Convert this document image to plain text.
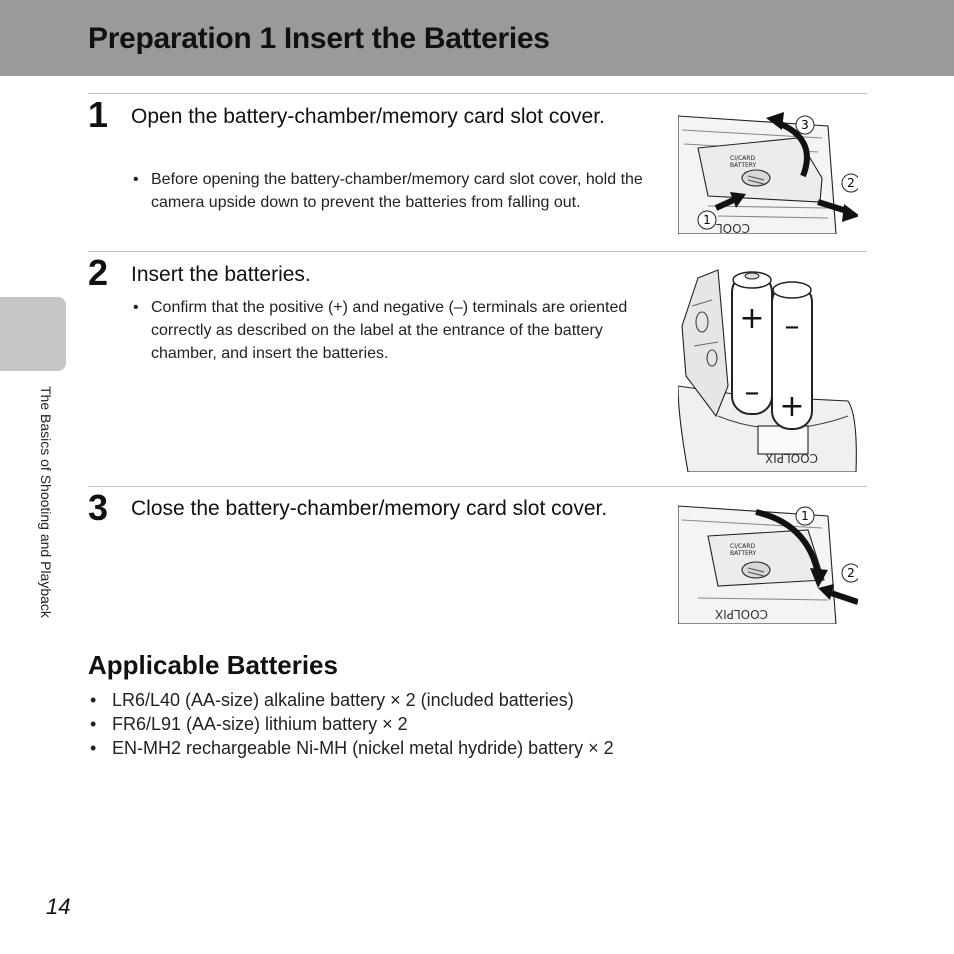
Preparation 1 Insert the Batteries
The Basics of Shooting and Playback
1 Open the battery-chamber/memory card slot cover.
• Before opening the battery-chamber/memory card slot cover, hold the camera upside down to prevent the batteries from falling out.
CI/CARD
BATTERY
COOL
3
2
1
2 Insert the batteries.
• Confirm that the positive (+) and negative (–) terminals are oriented correctly as described on the label at the entrance of the battery chamber, and insert the batteries.
+
–
–
+
COOLPIX
3 Close the battery-chamber/memory card slot cover.
CI/CARD
BATTERY
COOLPIX
1
2
Applicable Batteries
• LR6/L40 (AA-size) alkaline battery × 2 (included batteries)
• FR6/L91 (AA-size) lithium battery × 2
• EN-MH2 rechargeable Ni-MH (nickel metal hydride) battery × 2
14
